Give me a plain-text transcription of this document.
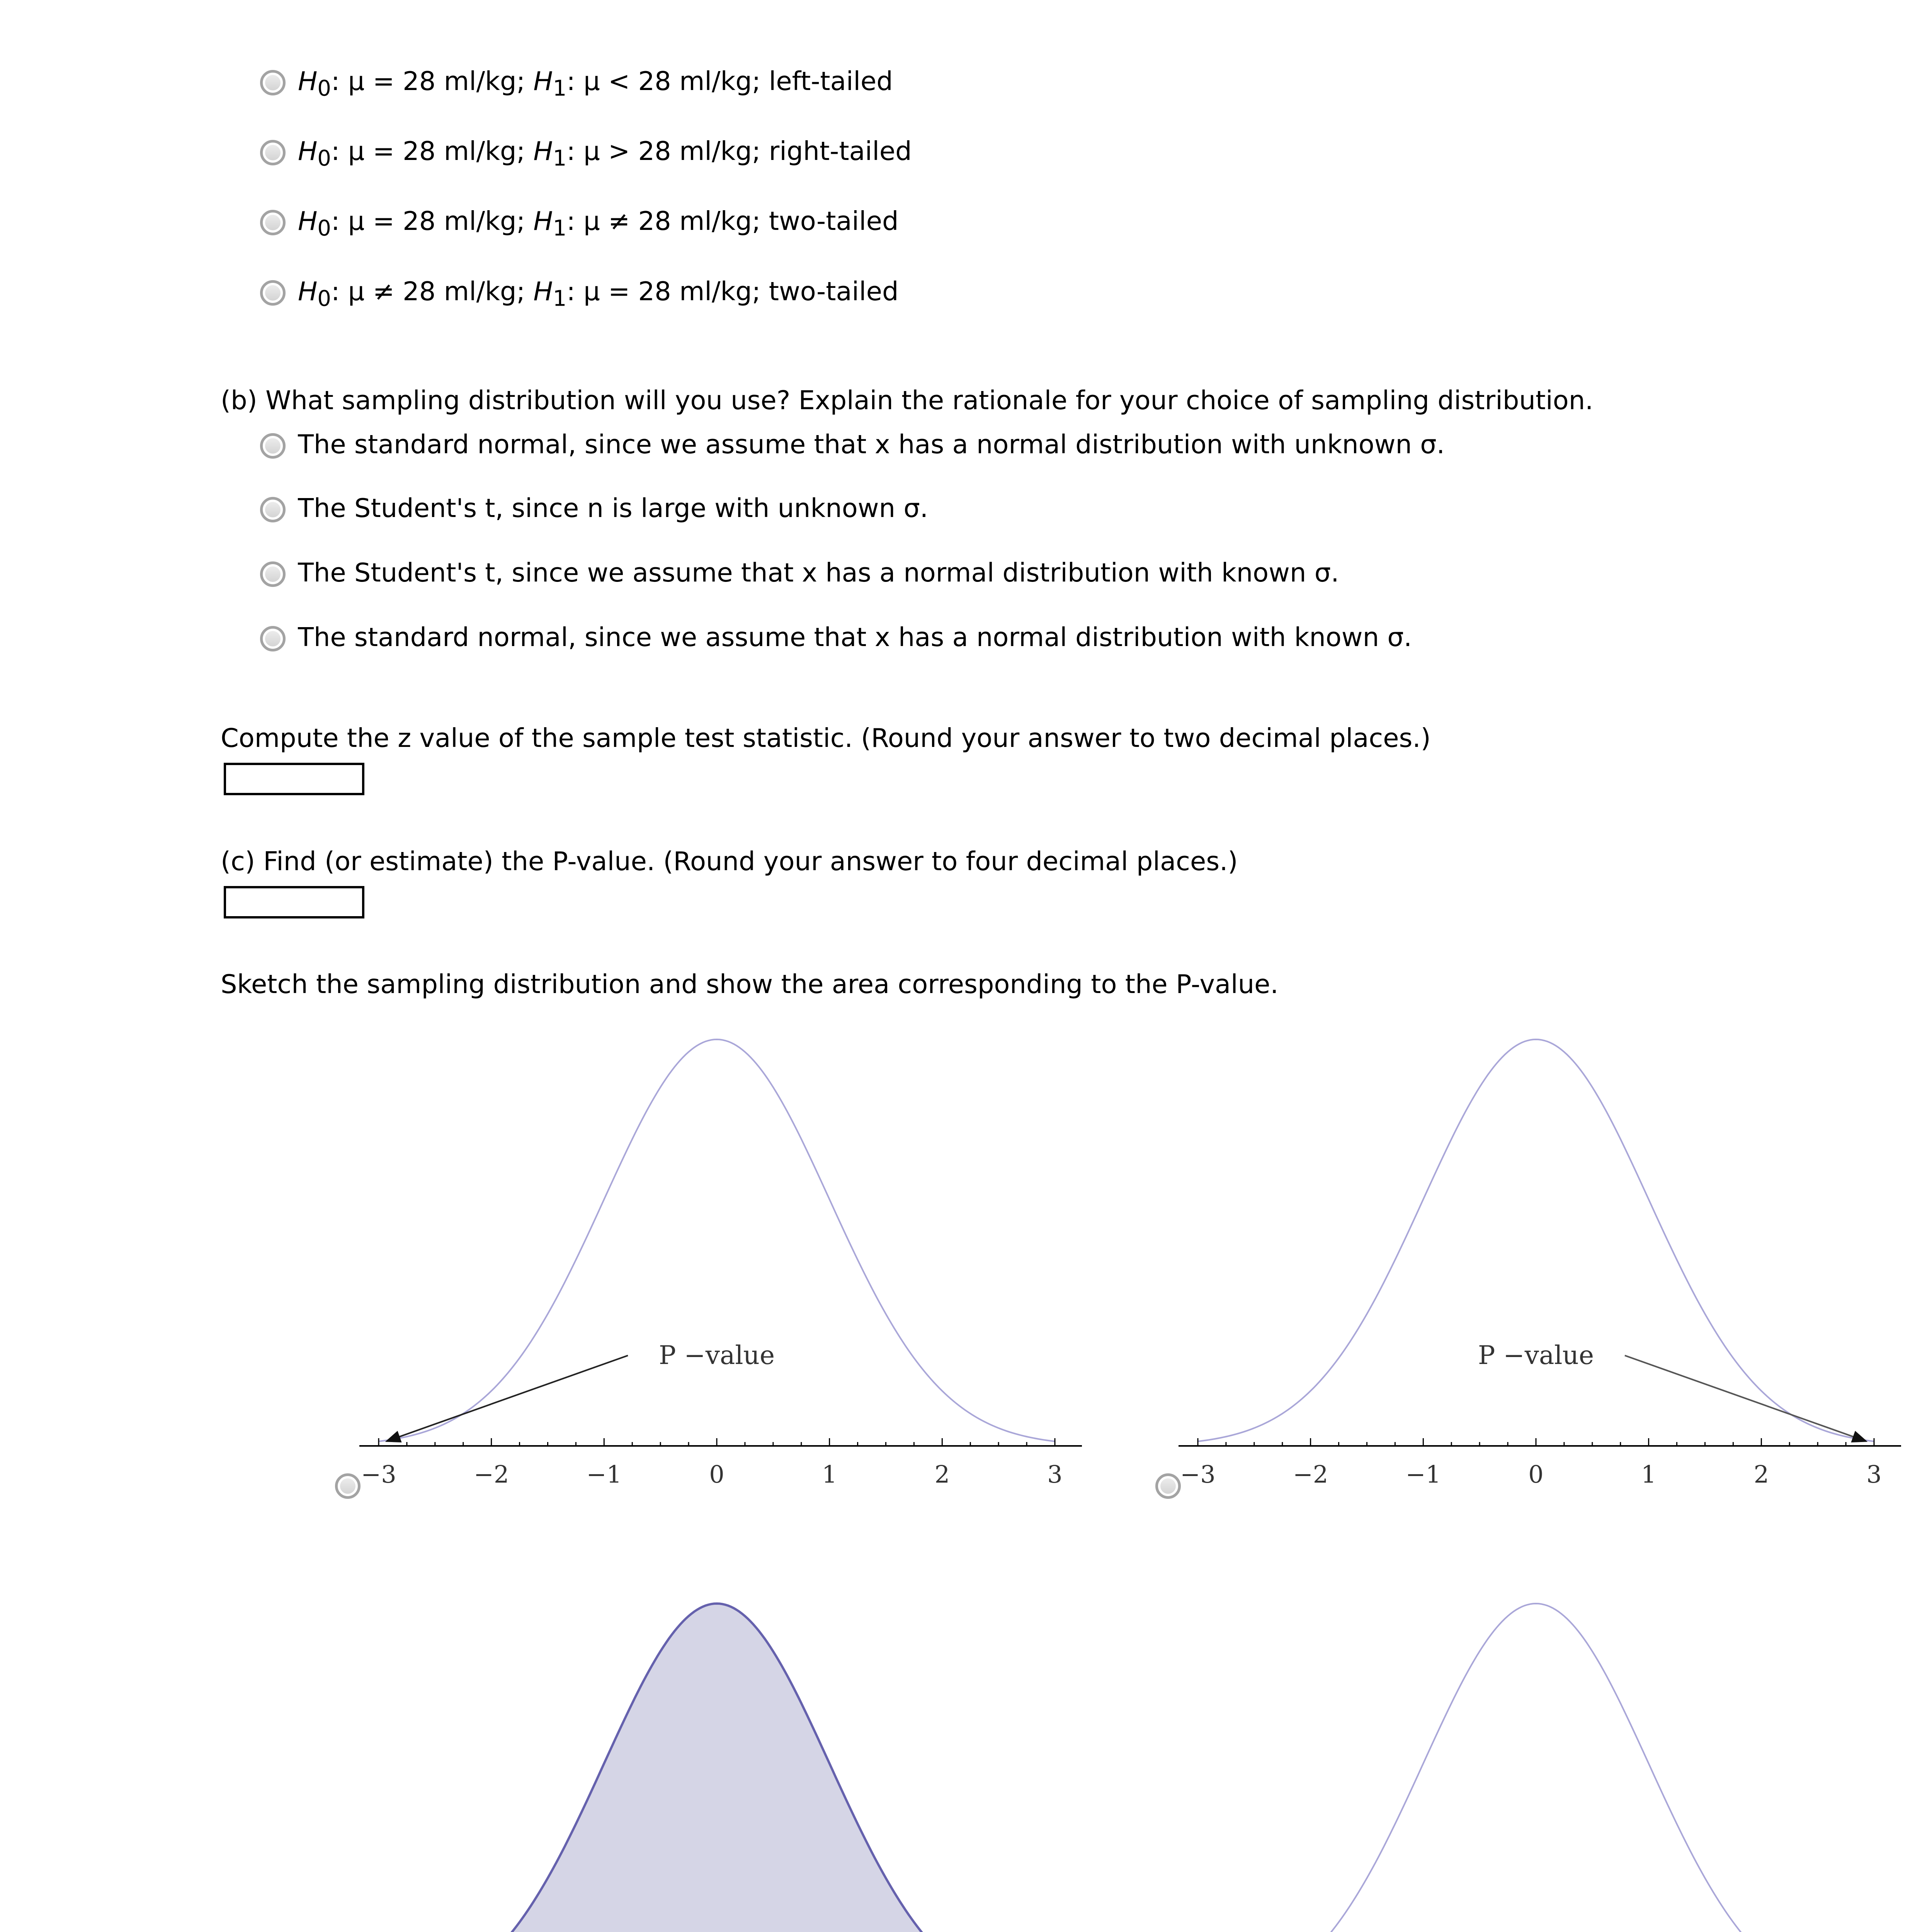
$H_0$: μ = 28 ml/kg; $H_1$: μ < 28 ml/kg; left-tailed
$H_0$: μ = 28 ml/kg; $H_1$: μ > 28 ml/kg; right-tailed
$H_0$: μ = 28 ml/kg; $H_1$: μ ≠ 28 ml/kg; two-tailed
$H_0$: μ ≠ 28 ml/kg; $H_1$: μ = 28 ml/kg; two-tailed
(b) What sampling distribution will you use? Explain the rationale for your choice of sampling distribution.
The standard normal, since we assume that x has a normal distribution with unknown σ.
The Student's t, since n is large with unknown σ.
The Student's t, since we assume that x has a normal distribution with known σ.
The standard normal, since we assume that x has a normal distribution with known σ.
Compute the z value of the sample test statistic. (Round your answer to two decimal places.)
(c) Find (or estimate) the P-value. (Round your answer to four decimal places.)
Sketch the sampling distribution and show the area corresponding to the P-value.
−3	−2	−1	0	1	2	3
P −value
−3	−2	−1	0	1	2	3
P −value
